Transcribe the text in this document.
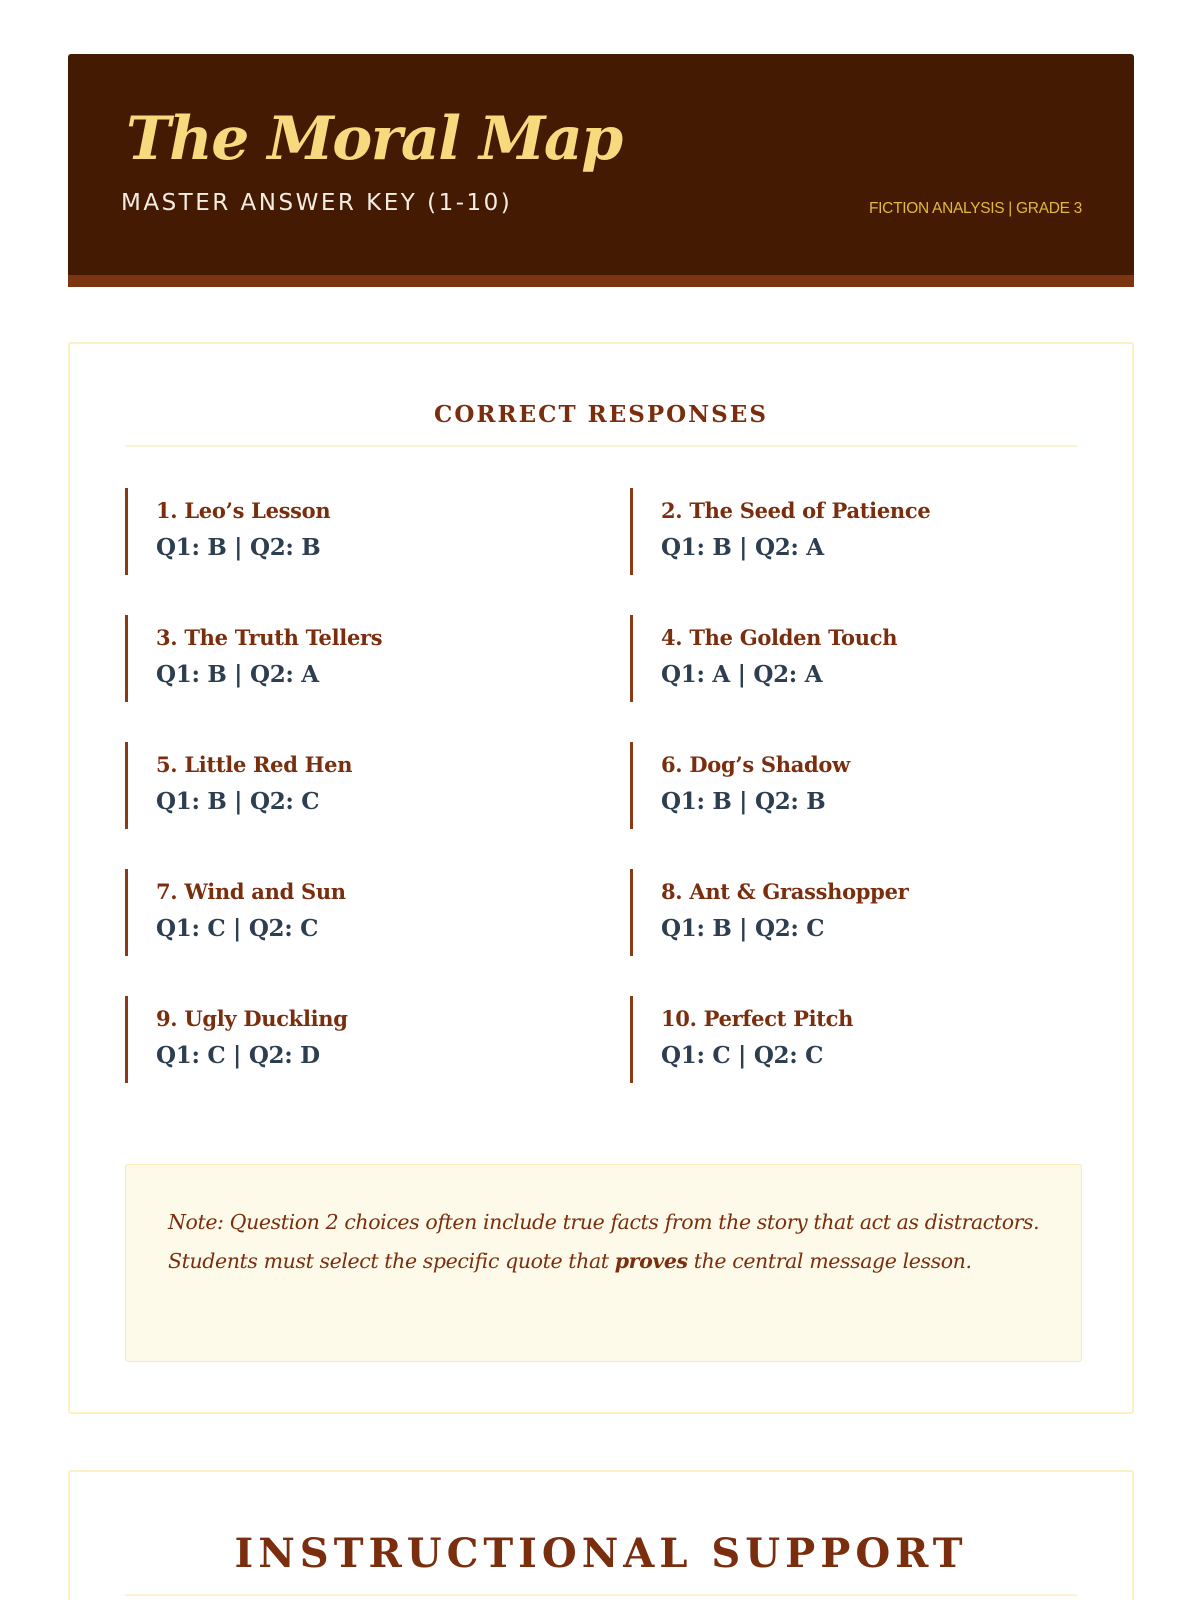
The Moral Map
MASTER ANSWER KEY (1-10)	FICTION ANALYSIS | GRADE 3
CORRECT RESPONSES
1. Leo’s Lesson
Q1: B | Q2: B
2. The Seed of Patience
Q1: B | Q2: A
3. The Truth Tellers
Q1: B | Q2: A
4. The Golden Touch
Q1: A | Q2: A
5. Little Red Hen
Q1: B | Q2: C
6. Dog’s Shadow
Q1: B | Q2: B
7. Wind and Sun
Q1: C | Q2: C
8. Ant & Grasshopper
Q1: B | Q2: C
9. Ugly Duckling
Q1: C | Q2: D
10. Perfect Pitch
Q1: C | Q2: C
Note: Question 2 choices often include true facts from the story that act as distractors. Students must select the specific quote that proves the central message lesson.
INSTRUCTIONAL SUPPORT
